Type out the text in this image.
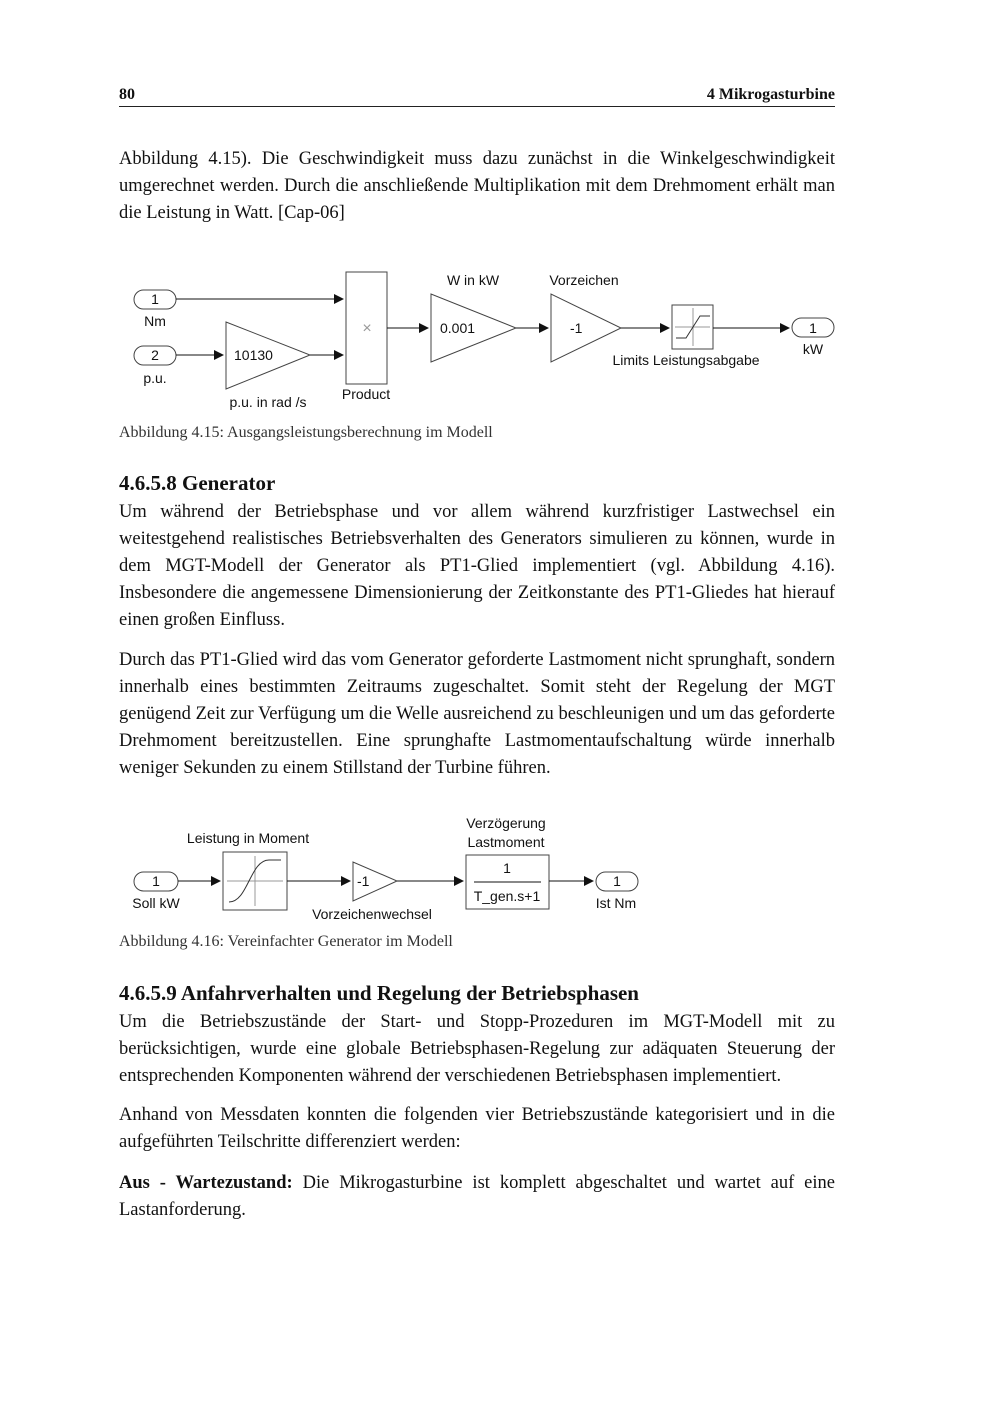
80	4 Mikrogasturbine

Abbildung 4.15). Die Geschwindigkeit muss dazu zunächst in die Winkelgeschwindigkeit umgerechnet werden. Durch die anschließende Multiplikation mit dem Drehmoment erhält man die Leistung in Watt. [Cap-06]

1
Nm
2
p.u.
10130
p.u. in rad /s
×
Product
W in kW
0.001
Vorzeichen
-1
Limits Leistungsabgabe
1
kW
Abbildung 4.15: Ausgangsleistungsberechnung im Modell
4.6.5.8 Generator

Um während der Betriebsphase und vor allem während kurzfristiger Lastwechsel ein weitestgehend realistisches Betriebsverhalten des Generators simulieren zu können, wurde in dem MGT-Modell der Generator als PT1-Glied implementiert (vgl. Abbildung 4.16). Insbesondere die angemessene Dimensionierung der Zeitkonstante des PT1-Gliedes hat hierauf einen großen Einfluss.

Durch das PT1-Glied wird das vom Generator geforderte Lastmoment nicht sprunghaft, sondern innerhalb eines bestimmten Zeitraums zugeschaltet. Somit steht der Regelung der MGT genügend Zeit zur Verfügung um die Welle ausreichend zu beschleunigen und um das geforderte Drehmoment bereitzustellen. Eine sprunghafte Lastmomentaufschaltung würde innerhalb weniger Sekunden zu einem Stillstand der Turbine führen.

1
Soll kW
Leistung in Moment
-1
Vorzeichenwechsel
Verzögerung
Lastmoment
1
T_gen.s+1
1
Ist Nm
Abbildung 4.16: Vereinfachter Generator im Modell
4.6.5.9 Anfahrverhalten und Regelung der Betriebsphasen

Um die Betriebszustände der Start- und Stopp-Prozeduren im MGT-Modell mit zu berücksichtigen, wurde eine globale Betriebsphasen-Regelung zur adäquaten Steuerung der entsprechenden Komponenten während der verschiedenen Betriebsphasen implementiert.

Anhand von Messdaten konnten die folgenden vier Betriebszustände kategorisiert und in die aufgeführten Teilschritte differenziert werden:

Aus - Wartezustand: Die Mikrogasturbine ist komplett abgeschaltet und wartet auf eine Lastanforderung.
